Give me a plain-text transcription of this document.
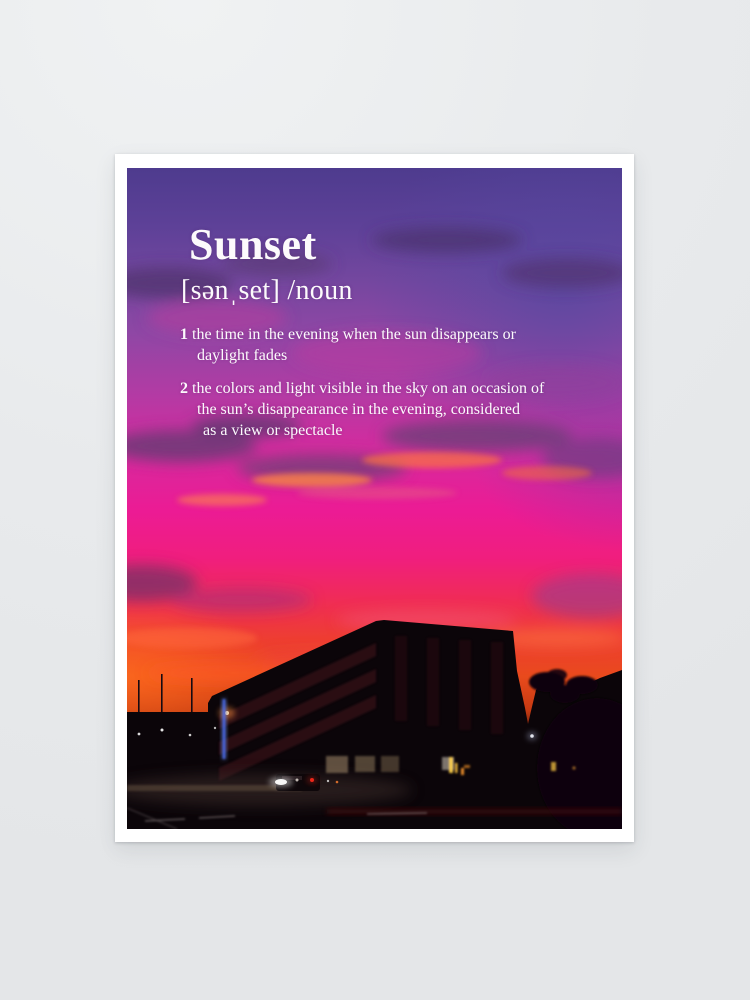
Sunset
[sənˌset] /noun
1 the time in the evening when the sun disappears or
daylight fades
2 the colors and light visible in the sky on an occasion of
the sun’s disappearance in the evening, considered
as a view or spectacle
